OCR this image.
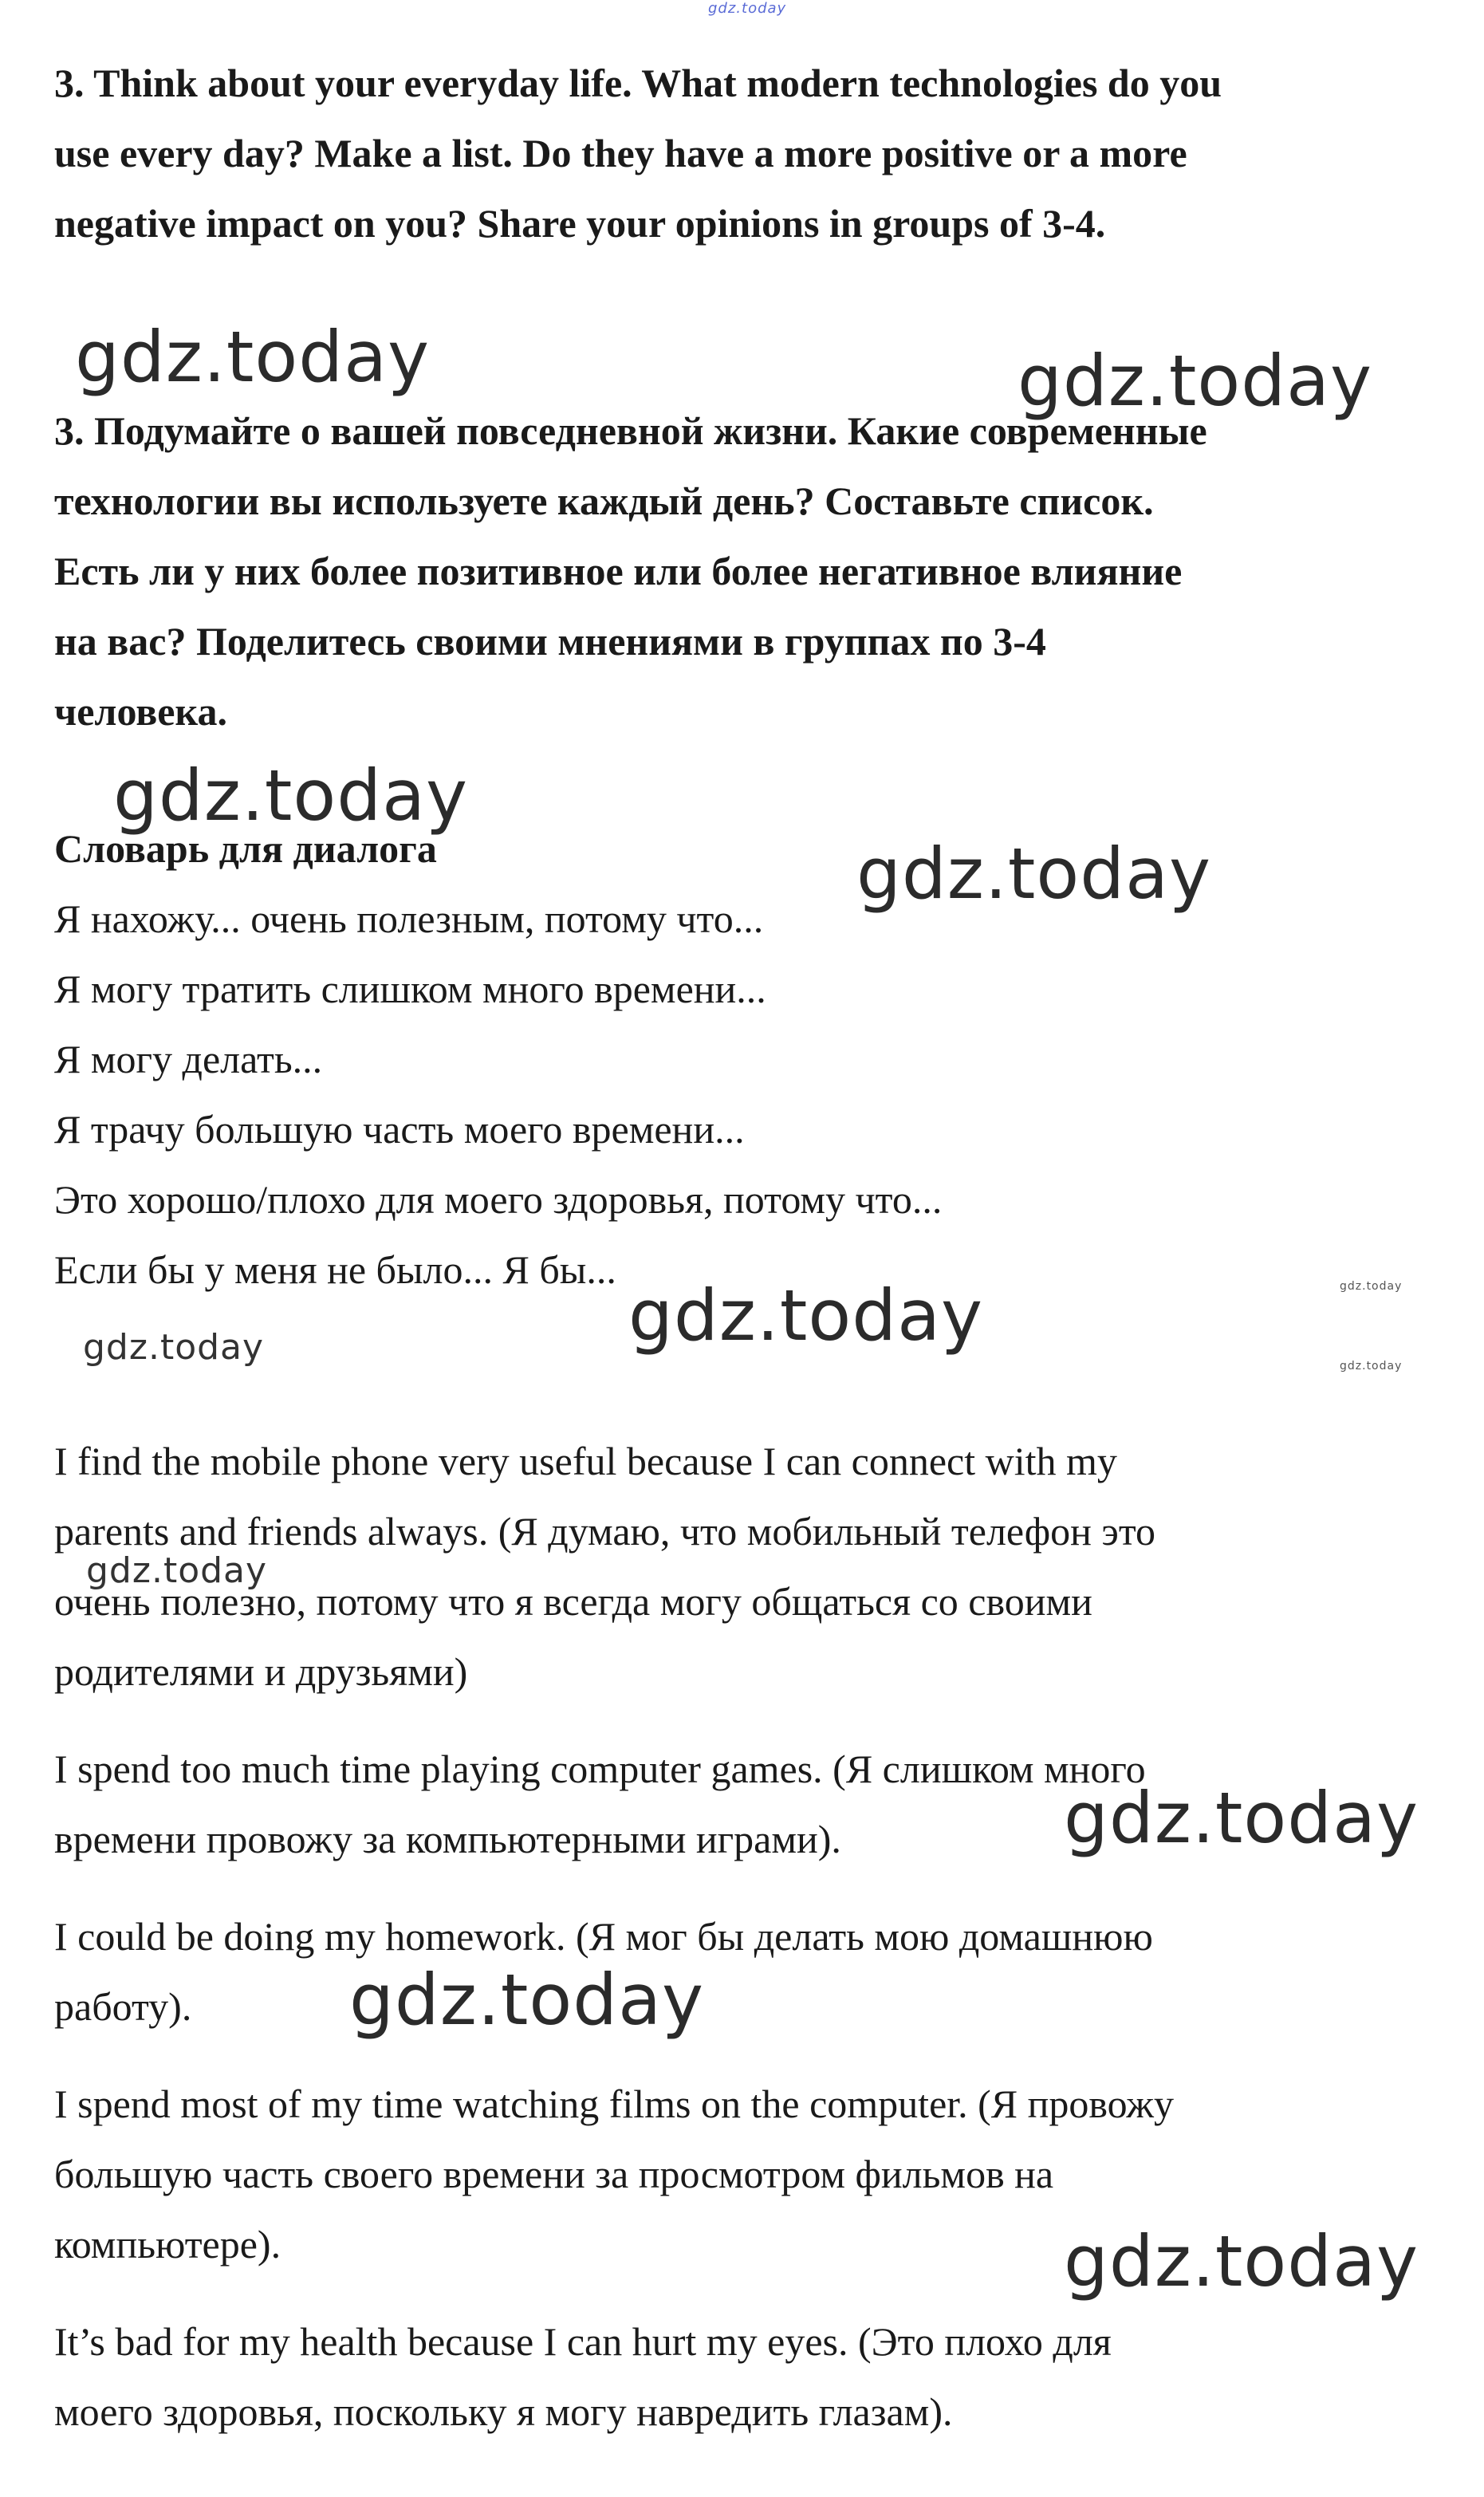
gdz.today
gdz.today	gdz.today
gdz.today
gdz.today
gdz.today
gdz.today
gdz.today
gdz.today
gdz.today
gdz.today
gdz.today
gdz.today
3. Think about your everyday life. What modern technologies do you
use every day? Make a list. Do they have a more positive or a more
negative impact on you? Share your opinions in groups of 3-4.
3. Подумайте о вашей повседневной жизни. Какие современные
технологии вы используете каждый день? Составьте список.
Есть ли у них более позитивное или более негативное влияние
на вас? Поделитесь своими мнениями в группах по 3-4
человека.
Словарь для диалога
Я нахожу... очень полезным, потому что...
Я могу тратить слишком много времени...
Я могу делать...
Я трачу большую часть моего времени...
Это хорошо/плохо для моего здоровья, потому что...
Если бы у меня не было... Я бы...
I find the mobile phone very useful because I can connect with my
parents and friends always. (Я думаю, что мобильный телефон это
очень полезно, потому что я всегда могу общаться со своими
родителями и друзьями)
I spend too much time playing computer games. (Я слишком много
времени провожу за компьютерными играми).
I could be doing my homework. (Я мог бы делать мою домашнюю
работу).
I spend most of my time watching films on the computer. (Я провожу
большую часть своего времени за просмотром фильмов на
компьютере).
It’s bad for my health because I can hurt my eyes. (Это плохо для
моего здоровья, поскольку я могу навредить глазам).
